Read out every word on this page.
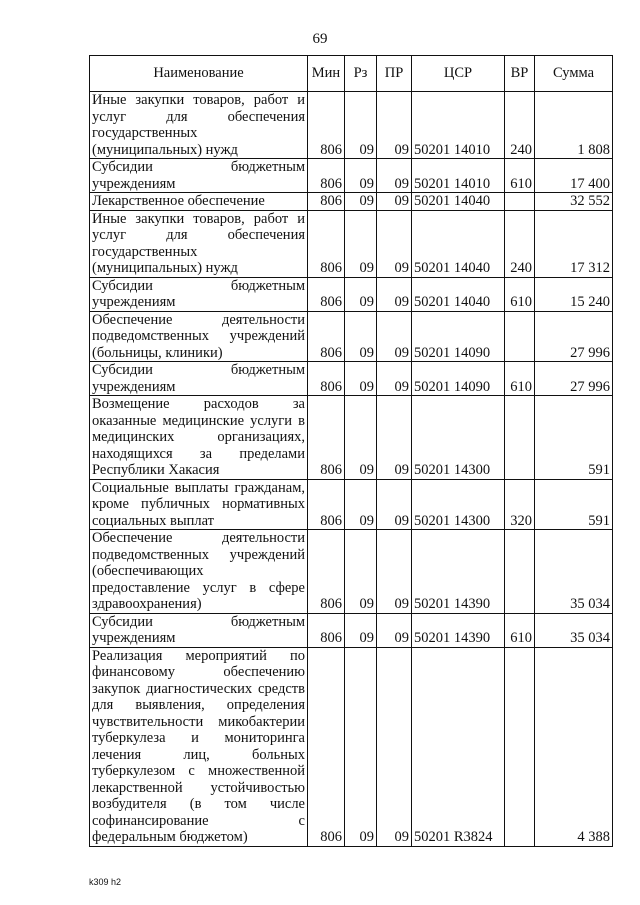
69
Наименование	Мин	Рз	ПР	ЦСР	ВР	Сумма
Иные закупки товаров, работ и услуг для обеспечения государственных (муниципальных) нужд	806	09	09	50201 14010	240	1 808
Субсидии бюджетным учреждениям	806	09	09	50201 14010	610	17 400
Лекарственное обеспечение	806	09	09	50201 14040		32 552
Иные закупки товаров, работ и услуг для обеспечения государственных (муниципальных) нужд	806	09	09	50201 14040	240	17 312
Субсидии бюджетным учреждениям	806	09	09	50201 14040	610	15 240
Обеспечение деятельности подведомственных учреждений (больницы, клиники)	806	09	09	50201 14090		27 996
Субсидии бюджетным учреждениям	806	09	09	50201 14090	610	27 996
Возмещение расходов за оказанные медицинские услуги в медицинских организациях, находящихся за пределами Республики Хакасия	806	09	09	50201 14300		591
Социальные выплаты гражданам, кроме публичных нормативных социальных выплат	806	09	09	50201 14300	320	591
Обеспечение деятельности подведомственных учреждений (обеспечивающих предоставление услуг в сфере здравоохранения)	806	09	09	50201 14390		35 034
Субсидии бюджетным учреждениям	806	09	09	50201 14390	610	35 034
Реализация мероприятий по финансовому обеспечению закупок диагностических средств для выявления, определения чувствительности микобактерии туберкулеза и мониторинга лечения лиц, больных туберкулезом с множественной лекарственной устойчивостью возбудителя (в том числе софинансирование с федеральным бюджетом)	806	09	09	50201 R3824		4 388
k309 h2
